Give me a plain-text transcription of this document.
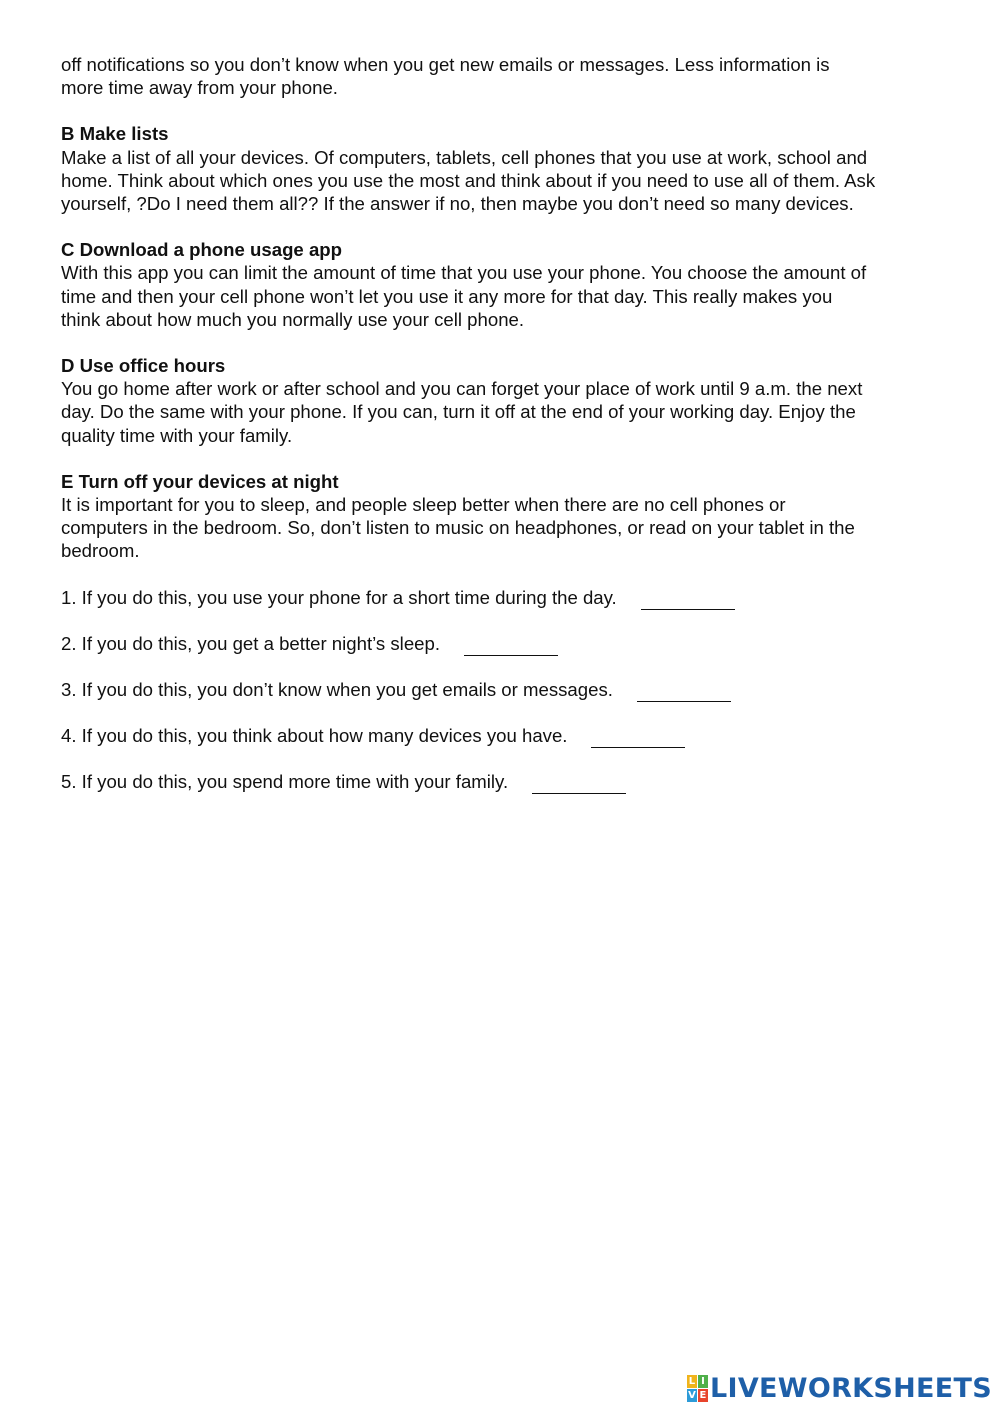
off notifications so you don’t know when you get new emails or messages. Less information is
more time away from your phone.
B Make lists
Make a list of all your devices. Of computers, tablets, cell phones that you use at work, school and
home. Think about which ones you use the most and think about if you need to use all of them. Ask
yourself, ?Do I need them all?? If the answer if no, then maybe you don’t need so many devices.
C Download a phone usage app
With this app you can limit the amount of time that you use your phone. You choose the amount of
time and then your cell phone won’t let you use it any more for that day. This really makes you
think about how much you normally use your cell phone.
D Use office hours
You go home after work or after school and you can forget your place of work until 9 a.m. the next
day. Do the same with your phone. If you can, turn it off at the end of your working day. Enjoy the
quality time with your family.
E Turn off your devices at night
It is important for you to sleep, and people sleep better when there are no cell phones or
computers in the bedroom. So, don’t listen to music on headphones, or read on your tablet in the
bedroom.
1. If you do this, you use your phone for a short time during the day.
2. If you do this, you get a better night’s sleep.
3. If you do this, you don’t know when you get emails or messages.
4. If you do this, you think about how many devices you have.
5. If you do this, you spend more time with your family.
L I
V E LIVEWORKSHEETS
